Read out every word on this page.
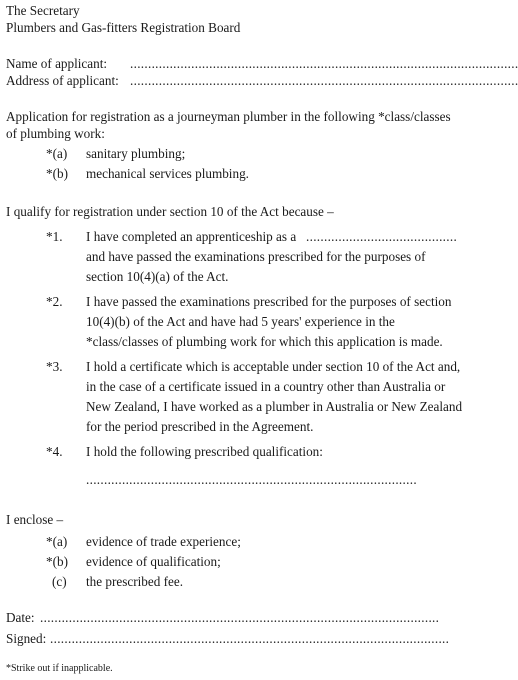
The Secretary
Plumbers and Gas-fitters Registration Board
Name of applicant: ............................................................................................................
Address of applicant: ............................................................................................................
Application for registration as a journeyman plumber in the following *class/classes
of plumbing work:
*(a) sanitary plumbing;
*(b) mechanical services plumbing.
I qualify for registration under section 10 of the Act because –
*1. I have completed an apprenticeship as a ..........................................
and have passed the examinations prescribed for the purposes of
section 10(4)(a) of the Act.
*2. I have passed the examinations prescribed for the purposes of section
10(4)(b) of the Act and have had 5 years' experience in the
*class/classes of plumbing work for which this application is made.
*3. I hold a certificate which is acceptable under section 10 of the Act and,
in the case of a certificate issued in a country other than Australia or
New Zealand, I have worked as a plumber in Australia or New Zealand
for the period prescribed in the Agreement.
*4. I hold the following prescribed qualification:
............................................................................................
I enclose –
*(a) evidence of trade experience;
*(b) evidence of qualification;
(c) the prescribed fee.
Date: ...............................................................................................................
Signed: ...............................................................................................................
*Strike out if inapplicable.
